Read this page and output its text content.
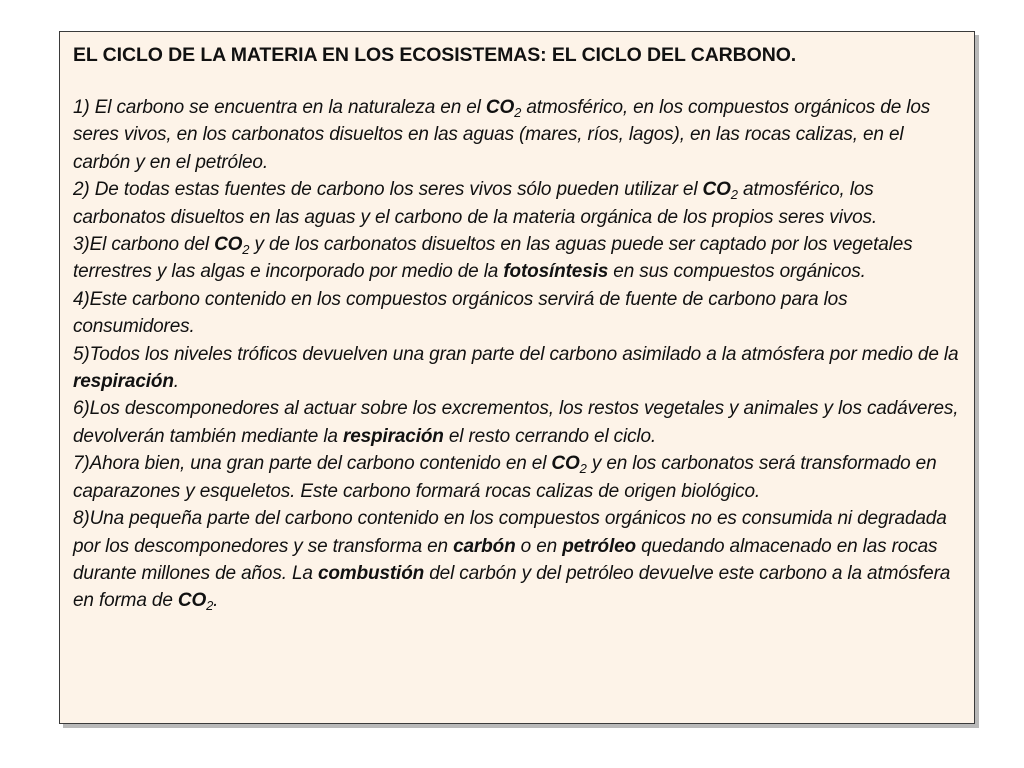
EL CICLO DE LA MATERIA EN LOS ECOSISTEMAS: EL CICLO DEL CARBONO.

1) El carbono se encuentra en la naturaleza en el $CO_2$ atmosférico, en los compuestos orgánicos de los seres vivos, en los carbonatos disueltos en las aguas (mares, ríos, lagos), en las rocas calizas, en el carbón y en el petróleo.

2) De todas estas fuentes de carbono los seres vivos sólo pueden utilizar el $CO_2$ atmosférico, los carbonatos disueltos en las aguas y el carbono de la materia orgánica de los propios seres vivos.

3)El carbono del $CO_2$ y de los carbonatos disueltos en las aguas puede ser captado por los vegetales terrestres y las algas e incorporado por medio de la fotosíntesis en sus compuestos orgánicos.

4)Este carbono contenido en los compuestos orgánicos servirá de fuente de carbono para los consumidores.

5)Todos los niveles tróficos devuelven una gran parte del carbono asimilado a la atmósfera por medio de la respiración.

6)Los descomponedores al actuar sobre los excrementos, los restos vegetales y animales y los cadáveres, devolverán también mediante la respiración el resto cerrando el ciclo.

7)Ahora bien, una gran parte del carbono contenido en el $CO_2$ y en los carbonatos será transformado en caparazones y esqueletos. Este carbono formará rocas calizas de origen biológico.

8)Una pequeña parte del carbono contenido en los compuestos orgánicos no es consumida ni degradada por los descomponedores y se transforma en carbón o en petróleo quedando almacenado en las rocas durante millones de años. La combustión del carbón y del petróleo devuelve este carbono a la atmósfera en forma de $CO_2$.
